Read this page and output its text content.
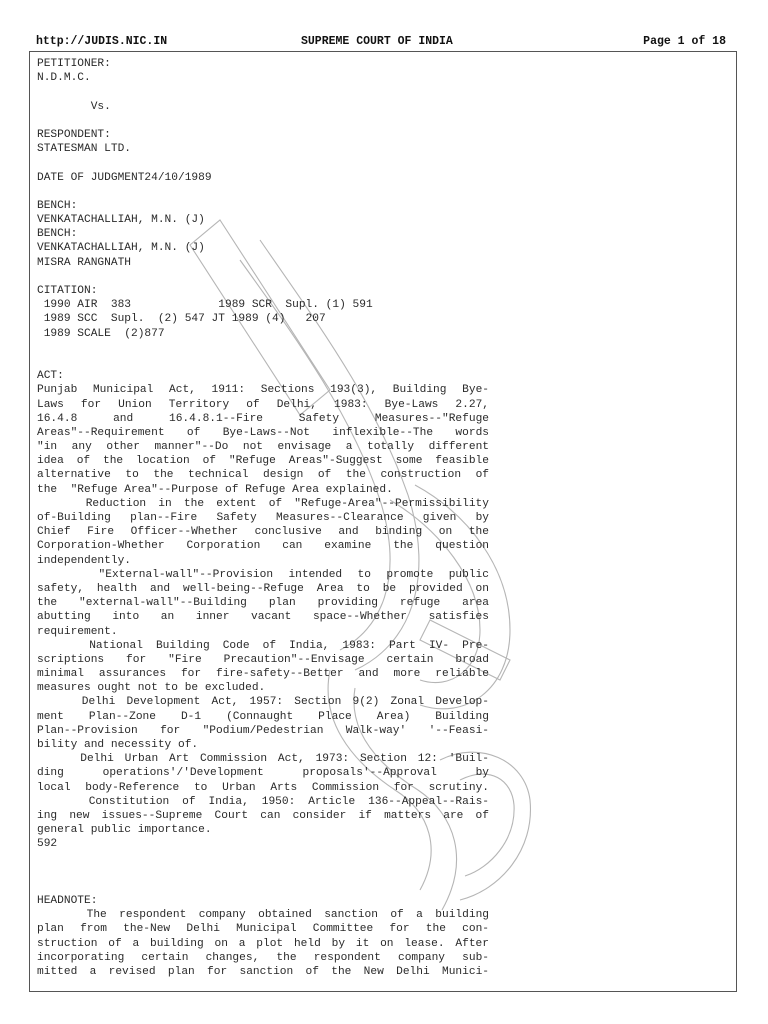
http://JUDIS.NIC.IN	SUPREME COURT OF INDIA	Page 1 of 18
PETITIONER:
N.D.M.C.
Vs.
RESPONDENT:
STATESMAN LTD.
DATE OF JUDGMENT24/10/1989
BENCH:
VENKATACHALLIAH, M.N. (J)
BENCH:
VENKATACHALLIAH, M.N. (J)
MISRA RANGNATH
CITATION:
1990 AIR  383             1989 SCR  Supl. (1) 591
1989 SCC  Supl.  (2) 547 JT 1989 (4)   207
1989 SCALE  (2)877
ACT:
Punjab Municipal Act, 1911: Sections 193(3), Building Bye-
Laws for Union Territory of Delhi, 1983: Bye-Laws 2.27,
16.4.8 and 16.4.8.1--Fire Safety Measures--"Refuge
Areas"--Requirement of Bye-Laws--Not inflexible--The words
"in any other manner"--Do not envisage a totally different
idea of the location of "Refuge Areas"-Suggest some feasible
alternative to the technical design of the construction of
the  "Refuge Area"--Purpose of Refuge Area explained.
Reduction in the extent of "Refuge-Area"--Permissibility
of-Building plan--Fire Safety Measures--Clearance given by
Chief Fire Officer--Whether conclusive and binding on the
Corporation-Whether Corporation can examine the question
independently.
"External-wall"--Provision intended to promote public
safety, health and well-being--Refuge Area to be provided on
the "external-wall"--Building plan providing refuge area
abutting into an inner vacant space--Whether satisfies
requirement.
National Building Code of India, 1983: Part IV- Pre-
scriptions for "Fire Precaution"--Envisage certain broad
minimal assurances for fire-safety--Better and more reliable
measures ought not to be excluded.
Delhi Development Act, 1957: Section 9(2) Zonal Develop-
ment Plan--Zone D-1 (Connaught Place Area) Building
Plan--Provision for "Podium/Pedestrian Walk-way' '--Feasi-
bility and necessity of.
Delhi Urban Art Commission Act, 1973: Section 12: 'Buil-
ding operations'/'Development proposals'--Approval by
local body-Reference to Urban Arts Commission for scrutiny.
Constitution of India, 1950: Article 136--Appeal--Rais-
ing new issues--Supreme Court can consider if matters are of
general public importance.
592
HEADNOTE:
The respondent company obtained sanction of a building
plan from the-New Delhi Municipal Committee for the con-
struction of a building on a plot held by it on lease. After
incorporating certain changes, the respondent company sub-
mitted a revised plan for sanction of the New Delhi Munici-
